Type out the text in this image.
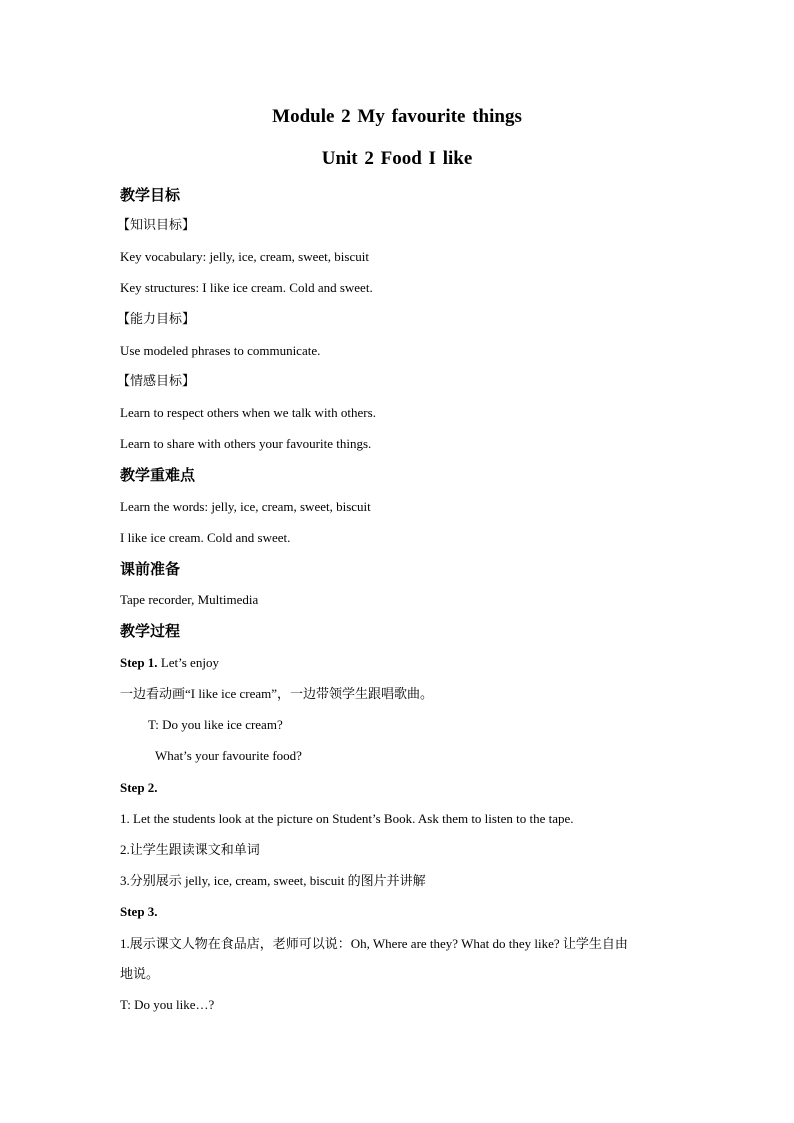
Module 2 My favourite things
Unit 2 Food I like
教学目标
【知识目标】
Key vocabulary: jelly, ice, cream, sweet, biscuit
Key structures: I like ice cream. Cold and sweet.
【能力目标】
Use modeled phrases to communicate.
【情感目标】
Learn to respect others when we talk with others.
Learn to share with others your favourite things.
教学重难点
Learn the words: jelly, ice, cream, sweet, biscuit
I like ice cream. Cold and sweet.
课前准备
Tape recorder, Multimedia
教学过程
Step 1. Let’s enjoy
一边看动画“I like ice cream”，一边带领学生跟唱歌曲。
T: Do you like ice cream?
What’s your favourite food?
Step 2.
1. Let the students look at the picture on Student’s Book. Ask them to listen to the tape.
2.让学生跟读课文和单词
3.分别展示 jelly, ice, cream, sweet, biscuit 的图片并讲解
Step 3.
1.展示课文人物在食品店，老师可以说：Oh, Where are they? What do they like? 让学生自由
地说。
T: Do you like…?
